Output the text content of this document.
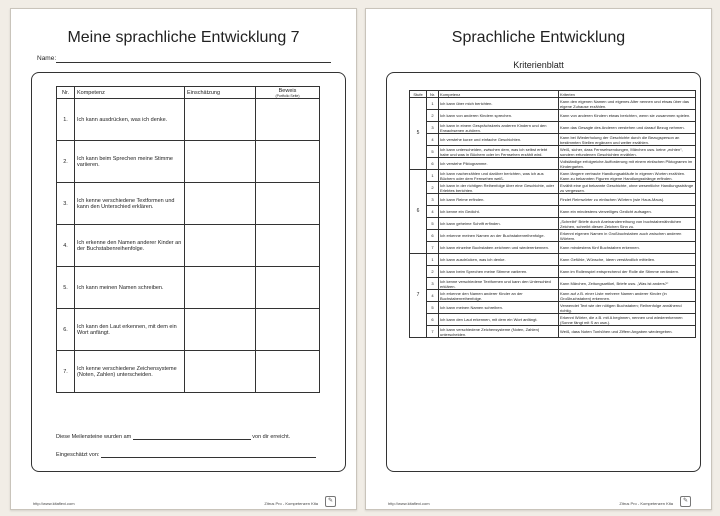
Meine sprachliche Entwicklung 7
Name:
Nr.	Kompetenz	Einschätzung	Beweis
(Portfolio Seite)

1.	Ich kann ausdrücken, was ich denke.		
2.	Ich kann beim Sprechen meine Stimme variieren.		
3.	Ich kenne verschiedene Textformen und kann den Unterschied erklären.		
4.	Ich erkenne den Namen anderer Kinder an der Buchstabenreihenfolge.		
5.	Ich kann meinen Namen schreiben.		
6.	Ich kann den Laut erkennen, mit dem ein Wort anfängt.		
7.	Ich kenne verschiedene Zeichensysteme (Noten, Zahlen) unterscheiden.		
Diese Meilensteine wurden am	von dir erreicht.
Eingeschätzt von:
http://www.kitaflexi.com	Zitrus Pro - Kompetenzen Kita	✎
Sprachliche Entwicklung
Kriterienblatt
Stufe	Nr.	Kompetenz	Kriterien
5	1	Ich kann über mich berichten.	Kann den eigenen Namen und eigenes Alter nennen und etwas über das eigene Zuhause erzählen.
	2	Ich kann von anderen Kindern sprechen.	Kann von anderen Kindern etwas berichten, wenn sie zusammen spielen.
	3	Ich kann in einem Gesprächskreis anderen Kindern und den Erwachsenen zuhören.	Kann das Gesagte des Anderen verstehen und darauf Bezug nehmen.
	4	Ich verstehe kurze und einfache Geschichten.	Kann bei Wiederholung der Geschichte durch die Bezugsperson an bestimmten Stellen ergänzen und weiter erzählen.
	5	Ich kann unterscheiden, zwischen dem, was ich selbst erlebt habe und was in Büchern oder im Fernsehen erzählt wird.	Weiß, sicher, dass Fernsehsendungen, Märchen usw. keine „echten“, sondern erfundenen Geschichten erzählen.
	6	Ich verstehe Piktogramme.	Vollständige erfolgreiche Aufforderung mit einem einfachen Piktogramm im Kindergarten.
6	1	Ich kann nacherzählen und darüber berichten, was ich aus Büchern oder dem Fernsehen weiß.	Kann längere vertraute Handlungsabläufe in eigenen Worten erzählen. Kann zu bekannten Figuren eigene Handlungsstränge erfinden.
	2	Ich kann in der richtigen Reihenfolge über eine Geschichte, oder Erlebtes berichten.	Erzählt eine gut bekannte Geschichte, ohne wesentliche Handlungsstränge zu vergessen.
	3	Ich kann Reime erfinden.	Findet Reimwörter zu einfachen Wörtern (wie Haus-Maus).
	4	Ich kenne ein Gedicht.	Kann ein mindestens vierzeiliges Gedicht aufsagen.
	5	Ich kann geheime Schrift erfinden.	„Schreibt“ Briefe durch Aneinanderreihung von buchstabenähnlichen Zeichen, schreibt diesen Zeichen Sinn zu.
	6	Ich erkenne meinen Namen an der Buchstabenreihenfolge.	Erkennt eigenen Namen in Großbuchstaben auch zwischen anderen Wörtern.
	7	Ich kann einzelne Buchstaben zeichnen und wiedererkennen.	Kann mindestens fünf Buchstaben erkennen.
7	1	Ich kann ausdrücken, was ich denke.	Kann Gefühle, Wünsche, Ideen verständlich mitteilen.
	2	Ich kann beim Sprechen meine Stimme variieren.	Kann im Rollenspiel entsprechend der Rolle die Stimme verändern.
	3	Ich kenne verschiedene Textformen und kann den Unterschied erklären.	Kann Märchen, Zeitungsartikel, Briefe usw. „Was ist anders?“
	4	Ich erkenne den Namen anderer Kinder an der Buchstabenreihenfolge.	Kann auf z.B. einer Liste mehrere Namen anderer Kinder (in Großbuchstaben) erkennen.
	5	Ich kann meinen Namen schreiben.	Verwendet Text wie der nötigen Buchstaben; Reihenfolge annähernd richtig.
	6	Ich kann den Laut erkennen, mit dem ein Wort anfängt.	Erkennt Wörter, die z.B. mit A beginnen, nennen und wiedererkennen (Sonne fängt mit S an usw.).
	7	Ich kann verschiedene Zeichensysteme (Noten, Zahlen) unterscheiden.	Weiß, dass Noten Tonhöhen und Ziffern Angaben wiedergeben.
http://www.kitaflexi.com	Zitrus Pro - Kompetenzen Kita	✎
